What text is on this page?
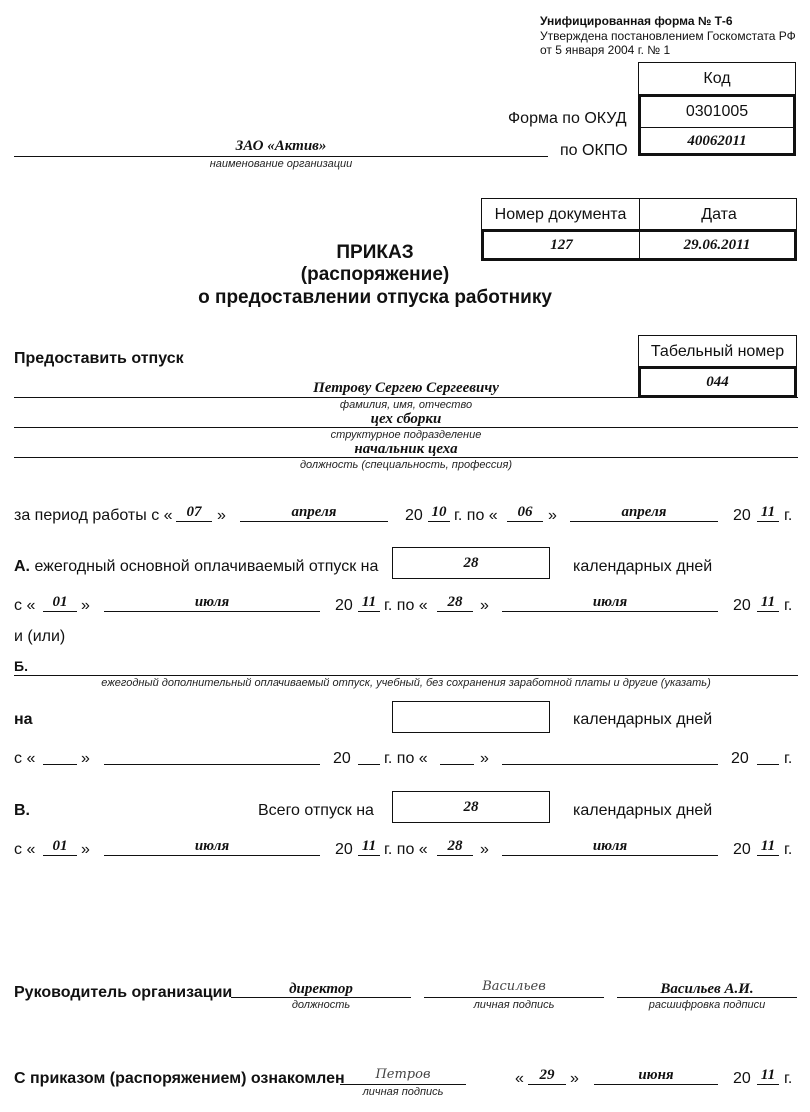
Унифицированная форма № Т-6
Утверждена постановлением Госкомстата РФ
от 5 января 2004 г. № 1
Код
0301005
40062011
Форма по ОКУД
по ОКПО
ЗАО «Актив»
наименование организации
Номер документа	Дата
127	29.06.2011
ПРИКАЗ
(распоряжение)
о предоставлении отпуска работнику
Предоставить отпуск	Табельный номер
044
Петрову Сергею Сергеевичу
фамилия, имя, отчество
цех сборки
структурное подразделение
начальник цеха
должность (специальность, профессия)
за период работы с « 07 »	апреля	20 10 г. по «	06 »	апреля	20 11 г.
А. ежегодный основной оплачиваемый отпуск на	28	календарных дней
с «	01 »	июля	20 11 г. по «	28	»	июля	20 11 г.
и (или)
Б.
ежегодный дополнительный оплачиваемый отпуск, учебный, без сохранения заработной платы и другие (указать)
на	календарных дней
с «	»	20 г. по «	»	20 г.
В.	Всего отпуск на	28	календарных дней
с «	01 »	июля	20 11 г. по «	28	»	июля	20 11 г.
Руководитель организации	директор
должность
Васильев
личная подпись
Васильев А.И.
расшифровка подписи
С приказом (распоряжением) ознакомлен	Петров
личная подпись
«	29 »	июня	20 11 г.
